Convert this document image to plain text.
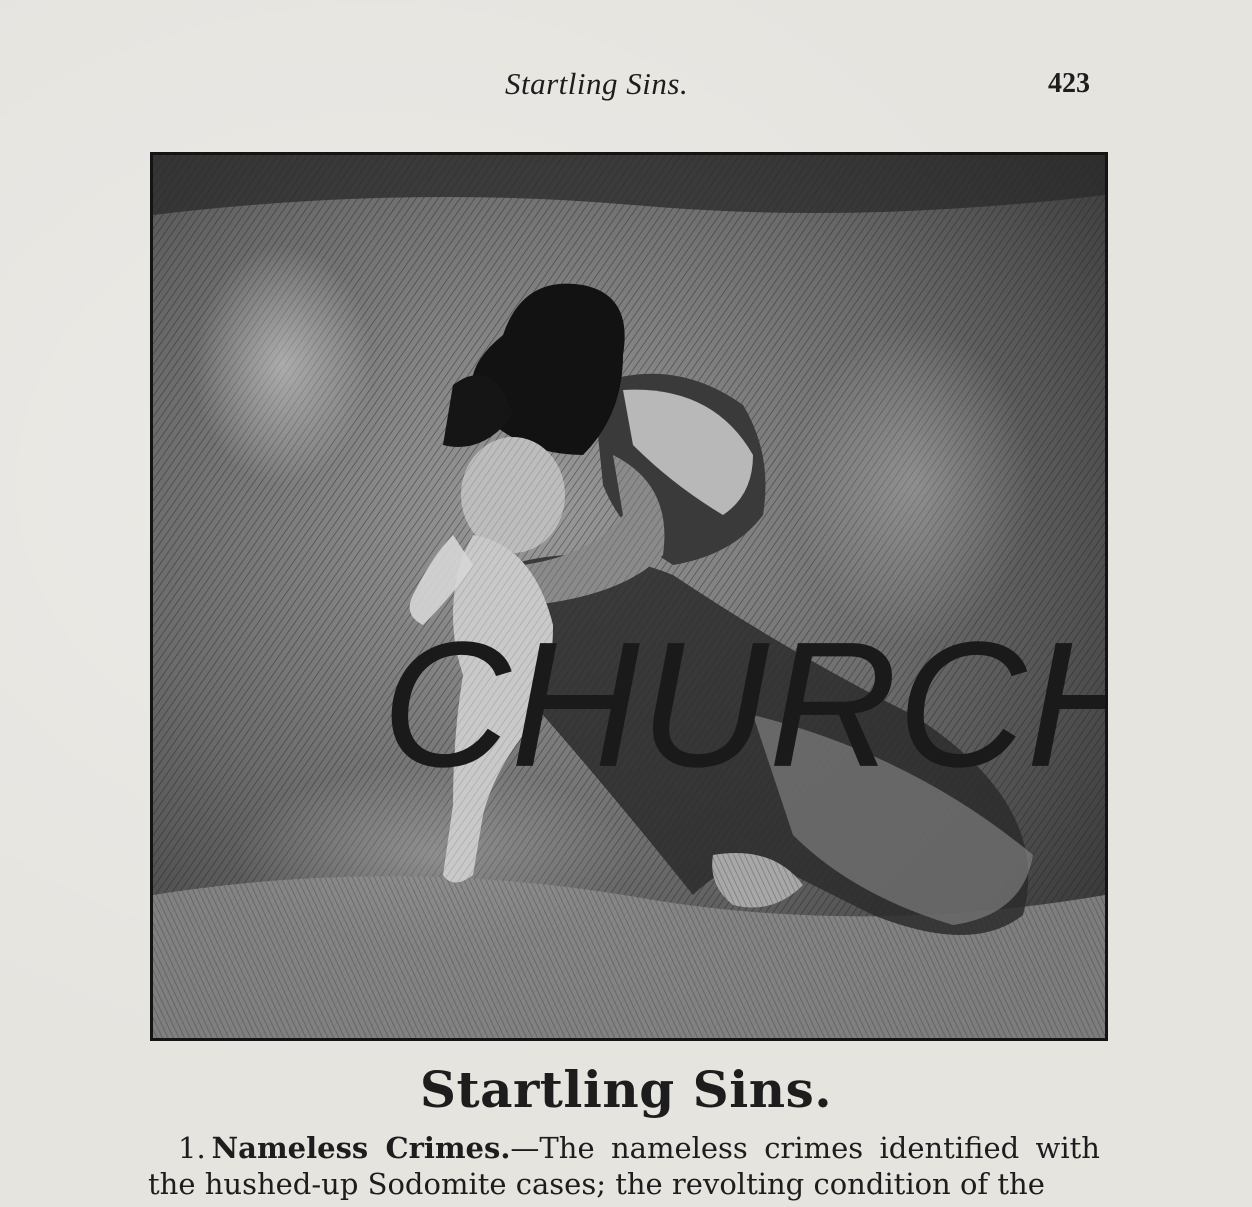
Startling Sins.	423
CHURCH
Startling Sins.
1. Nameless Crimes.—The nameless crimes identified with the hushed-up Sodomite cases; the revolting condition of the
